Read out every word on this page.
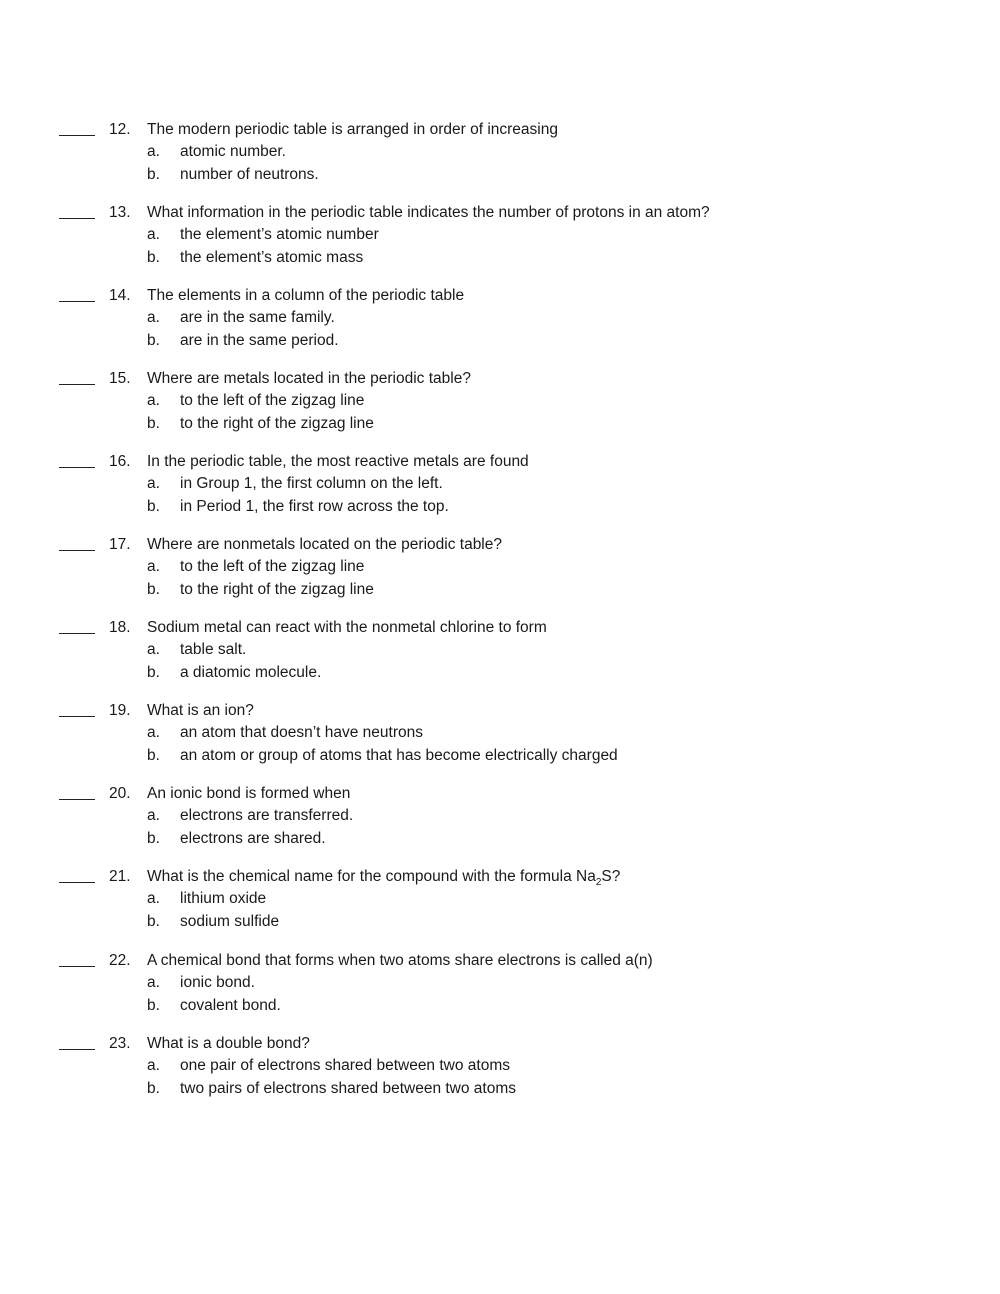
12. The modern periodic table is arranged in order of increasing
a. atomic number.
b. number of neutrons.
13. What information in the periodic table indicates the number of protons in an atom?
a. the element’s atomic number
b. the element’s atomic mass
14. The elements in a column of the periodic table
a. are in the same family.
b. are in the same period.
15. Where are metals located in the periodic table?
a. to the left of the zigzag line
b. to the right of the zigzag line
16. In the periodic table, the most reactive metals are found
a. in Group 1, the first column on the left.
b. in Period 1, the first row across the top.
17. Where are nonmetals located on the periodic table?
a. to the left of the zigzag line
b. to the right of the zigzag line
18. Sodium metal can react with the nonmetal chlorine to form
a. table salt.
b. a diatomic molecule.
19. What is an ion?
a. an atom that doesn’t have neutrons
b. an atom or group of atoms that has become electrically charged
20. An ionic bond is formed when
a. electrons are transferred.
b. electrons are shared.
21. What is the chemical name for the compound with the formula $Na_2S$?
a. lithium oxide
b. sodium sulfide
22. A chemical bond that forms when two atoms share electrons is called a(n)
a. ionic bond.
b. covalent bond.
23. What is a double bond?
a. one pair of electrons shared between two atoms
b. two pairs of electrons shared between two atoms
